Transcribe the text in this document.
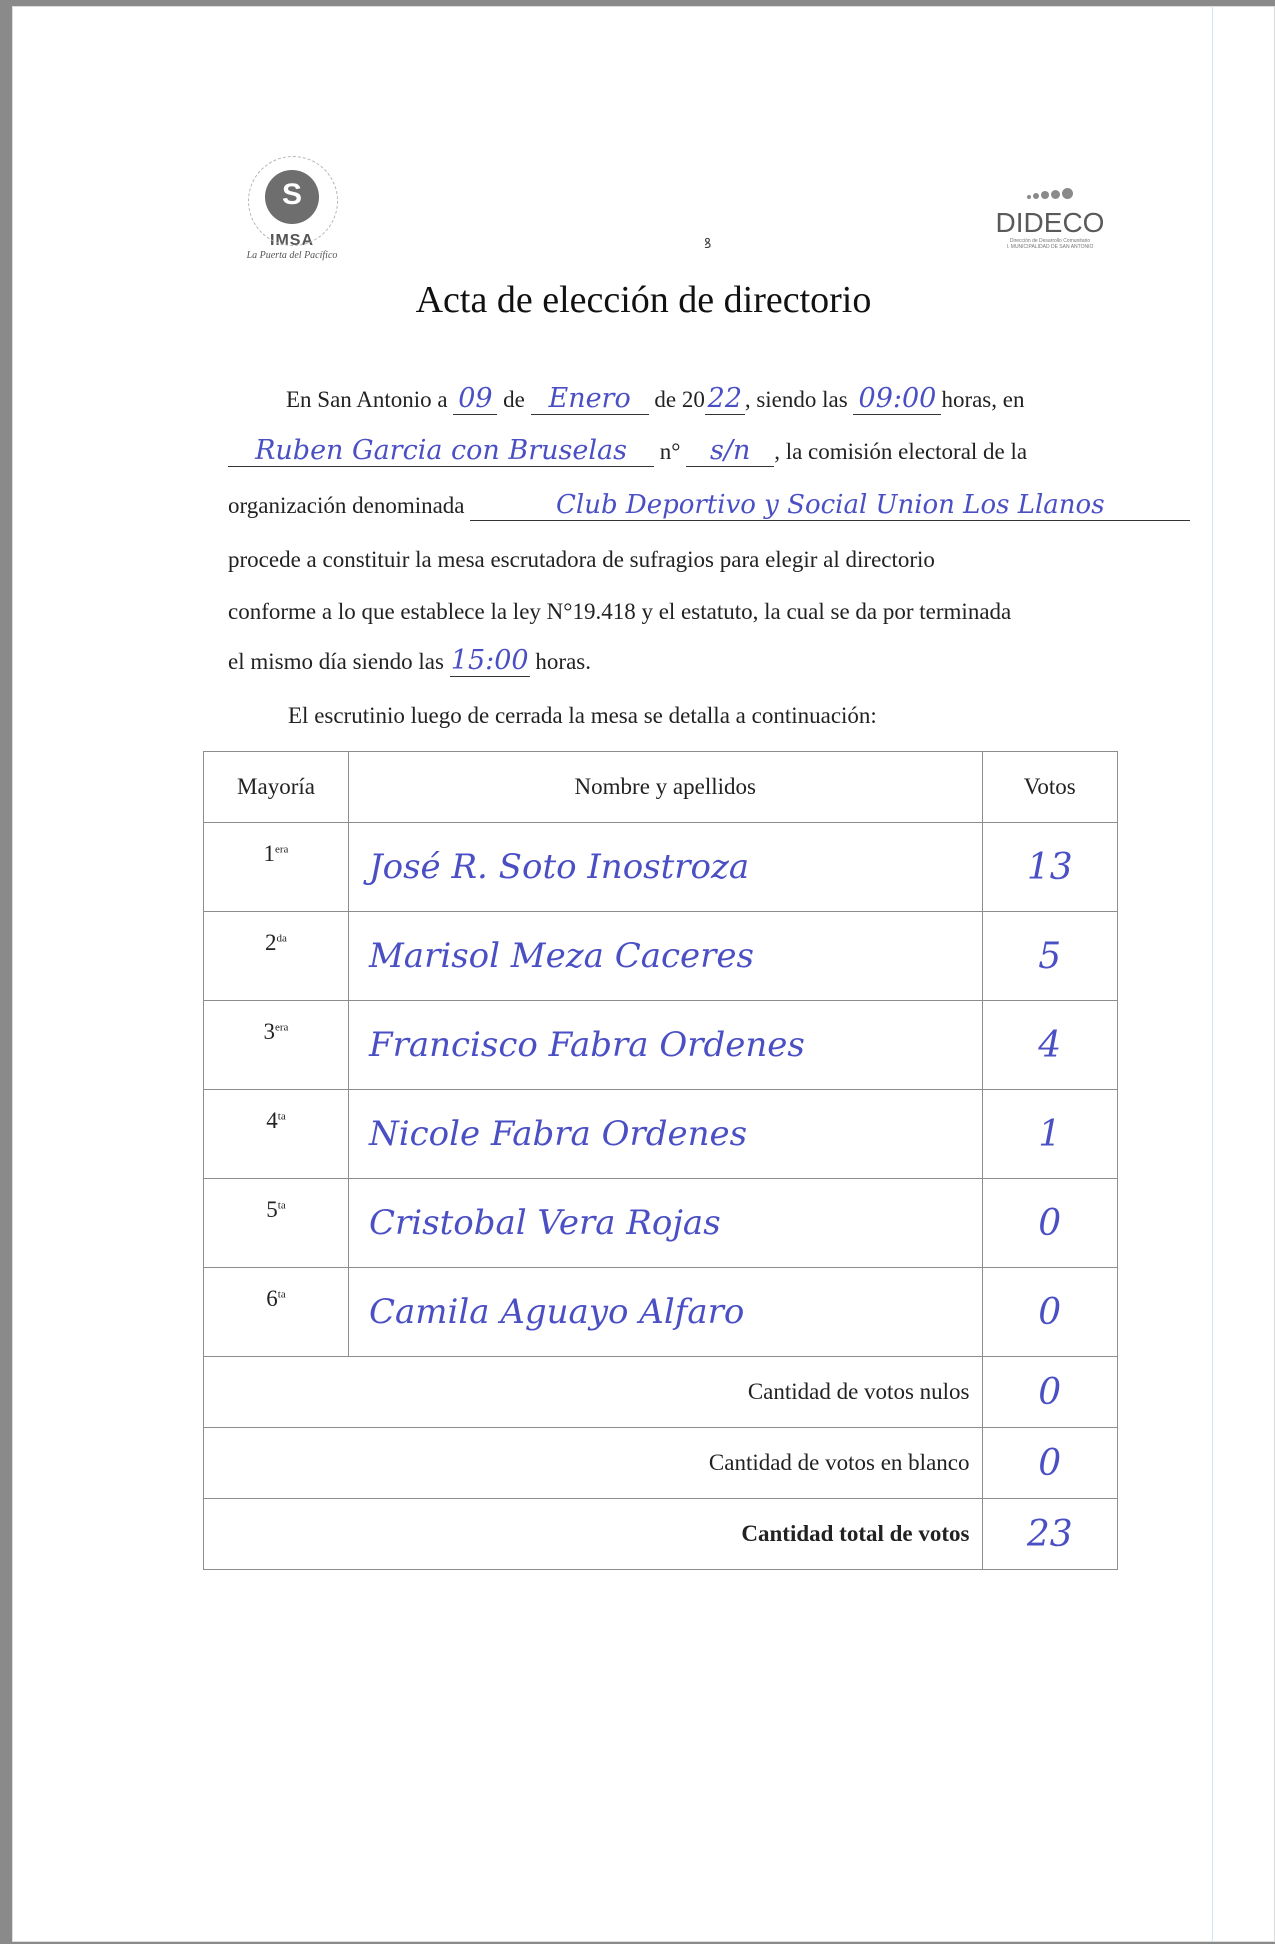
S
IMSA
La Puerta del Pacífico
ꝸ
DIDECO
Dirección de Desarrollo Comunitario
I. MUNICIPALIDAD DE SAN ANTONIO
Acta de elección de directorio
En San Antonio a 09 de Enero de 20 22 , siendo las 09:00 horas, en
Ruben Garcia con Bruselas n° s/n , la comisión electoral de la
organización denominada	Club Deportivo y Social Union Los Llanos
procede a constituir la mesa escrutadora de sufragios para elegir al directorio
conforme a lo que establece la ley N°19.418 y el estatuto, la cual se da por terminada
el mismo día siendo las 15:00 horas.
El escrutinio luego de cerrada la mesa se detalla a continuación:
Mayoría	Nombre y apellidos	Votos
$1^{era}$	José R. Soto Inostroza	13
$2^{da}$	Marisol Meza Caceres	5
$3^{era}$	Francisco Fabra Ordenes	4
$4^{ta}$	Nicole Fabra Ordenes	1
$5^{ta}$	Cristobal Vera Rojas	0
$6^{ta}$	Camila Aguayo Alfaro	0
Cantidad de votos nulos		0
Cantidad de votos en blanco		0
Cantidad total de votos		23
